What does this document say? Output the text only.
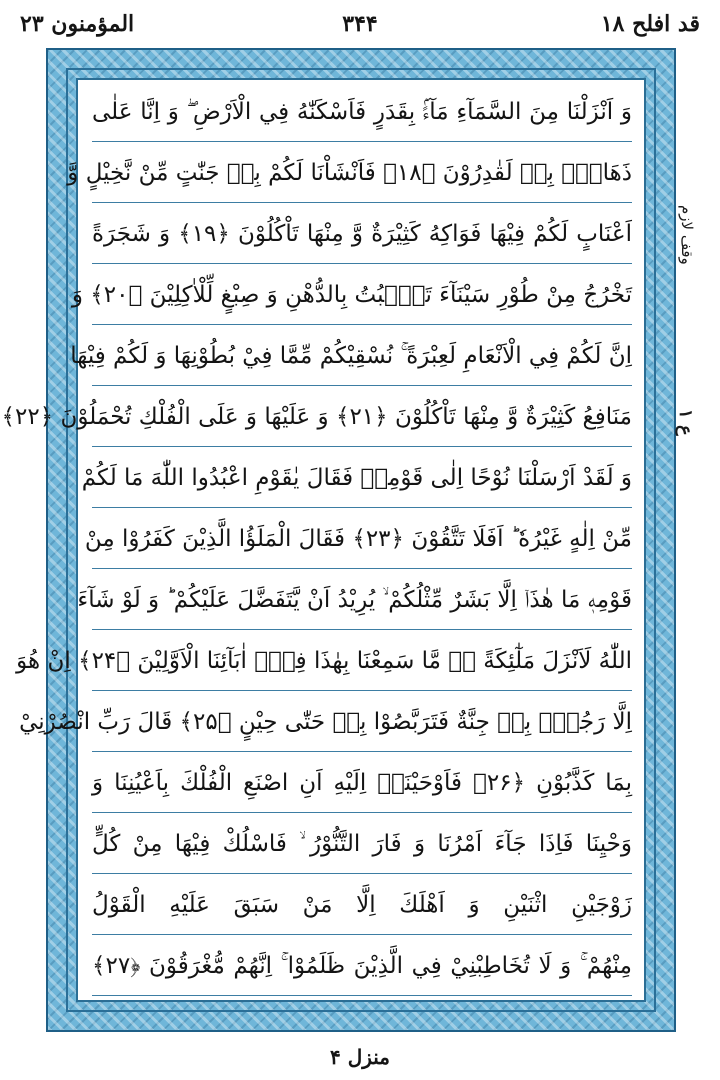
قد افلح ۱۸
۳۴۴
المؤمنون ۲۳
وَ اَنْزَلْنَا مِنَ السَّمَآءِ مَآءًۢ بِقَدَرٍ فَاَسْكَنّٰهُ فِي الْاَرْضِ ۖ وَ اِنَّا عَلٰى
ذَهَابٍۢ بِهٖ لَقٰدِرُوْنَ ﴿۱۸﴾ فَاَنْشَاْنَا لَكُمْ بِهٖ جَنّٰتٍ مِّنْ نَّخِيْلٍ وَّ
اَعْنَابٍ لَكُمْ فِيْهَا فَوَاكِهُ كَثِيْرَةٌ وَّ مِنْهَا تَاْكُلُوْنَ ﴿۱۹﴾ وَ شَجَرَةً
تَخْرُجُ مِنْ طُوْرِ سَيْنَآءَ تَنْۢبُتُ بِالدُّهْنِ وَ صِبْغٍ لِّلْاٰكِلِيْنَ ﴿۲۰﴾ وَ
اِنَّ لَكُمْ فِي الْاَنْعَامِ لَعِبْرَةً ۚ نُسْقِيْكُمْ مِّمَّا فِيْ بُطُوْنِهَا وَ لَكُمْ فِيْهَا
مَنَافِعُ كَثِيْرَةٌ وَّ مِنْهَا تَاْكُلُوْنَ ﴿۲۱﴾ وَ عَلَيْهَا وَ عَلَى الْفُلْكِ تُحْمَلُوْنَ ﴿۲۲﴾
وَ لَقَدْ اَرْسَلْنَا نُوْحًا اِلٰى قَوْمِهٖ فَقَالَ يٰقَوْمِ اعْبُدُوا اللّٰهَ مَا لَكُمْ
مِّنْ اِلٰهٍ غَيْرُهٗ ؕ اَفَلَا تَتَّقُوْنَ ﴿۲۳﴾ فَقَالَ الْمَلَؤُا الَّذِيْنَ كَفَرُوْا مِنْ
قَوْمِهٖ مَا هٰذَاۤ اِلَّا بَشَرٌ مِّثْلُكُمْ ۙ يُرِيْدُ اَنْ يَّتَفَضَّلَ عَلَيْكُمْ ؕ وَ لَوْ شَآءَ
اللّٰهُ لَاَنْزَلَ مَلٰٓئِكَةً ۖۚ مَّا سَمِعْنَا بِهٰذَا فِيْۤ اٰبَآئِنَا الْاَوَّلِيْنَ ﴿۲۴﴾ اِنْ هُوَ
اِلَّا رَجُلٌۢ بِهٖ جِنَّةٌ فَتَرَبَّصُوْا بِهٖ حَتّٰى حِيْنٍ ﴿۲۵﴾ قَالَ رَبِّ انْصُرْنِيْ
بِمَا كَذَّبُوْنِ ﴿۲۶﴾ فَاَوْحَيْنَاۤ اِلَيْهِ اَنِ اصْنَعِ الْفُلْكَ بِاَعْيُنِنَا وَ
وَحْيِنَا فَاِذَا جَآءَ اَمْرُنَا وَ فَارَ التَّنُّوْرُ ۙ فَاسْلُكْ فِيْهَا مِنْ كُلٍّ
زَوْجَيْنِ اثْنَيْنِ وَ اَهْلَكَ اِلَّا مَنْ سَبَقَ عَلَيْهِ الْقَوْلُ
مِنْهُمْ ۚ وَ لَا تُخَاطِبْنِيْ فِي الَّذِيْنَ ظَلَمُوْا ۚ اِنَّهُمْ مُّغْرَقُوْنَ ﴿۲۷﴾
وقف لازم
ع ۱
منزل ۴
